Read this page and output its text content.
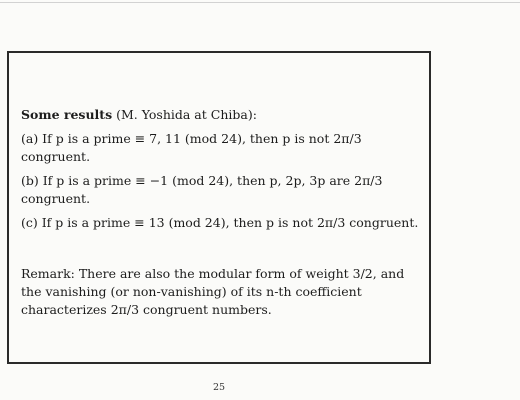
Some results (M. Yoshida at Chiba):

(a) If p is a prime ≡ 7, 11 (mod 24), then p is not 2π/3 congruent.

(b) If p is a prime ≡ −1 (mod 24), then p, 2p, 3p are 2π/3 congruent.

(c) If p is a prime ≡ 13 (mod 24), then p is not 2π/3 congruent.

Remark: There are also the modular form of weight 3/2, and the vanishing (or non-vanishing) of its n-th coefficient characterizes 2π/3 congruent numbers.

25
